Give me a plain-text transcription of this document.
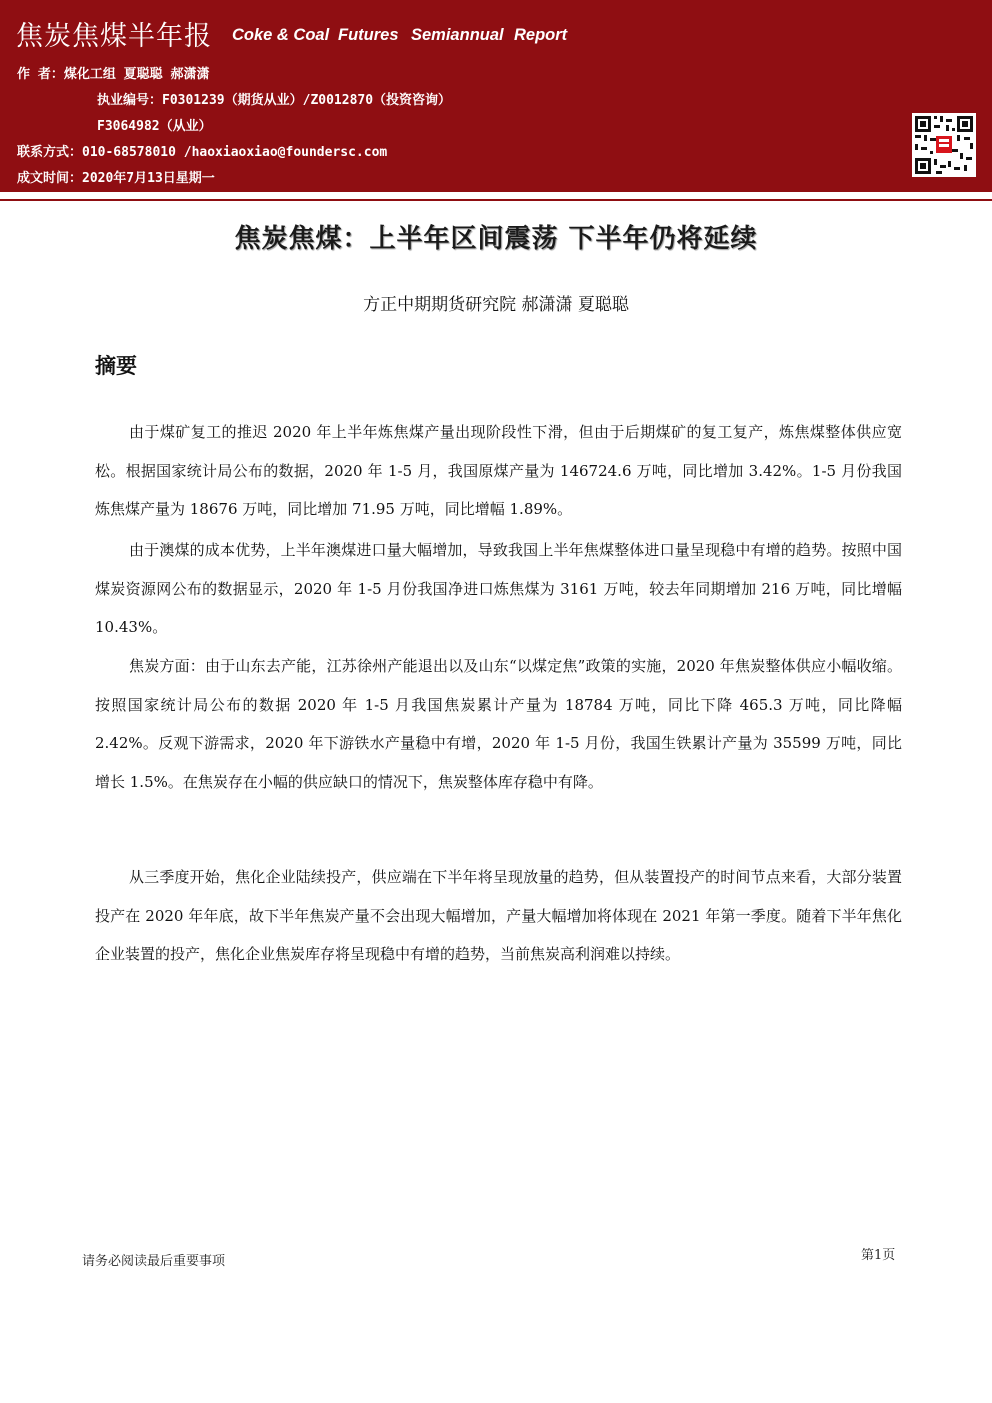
焦炭焦煤半年报 Coke & Coal Futures Semiannual Report
作 者：煤化工组 夏聪聪 郝潇潇
执业编号：F0301239（期货从业）/Z0012870（投资咨询）
F3064982（从业）
联系方式：010-68578010 /haoxiaoxiao@foundersc.com
成文时间：2020年7月13日星期一
焦炭焦煤：上半年区间震荡 下半年仍将延续
方正中期期货研究院 郝潇潇 夏聪聪
摘要

由于煤矿复工的推迟 2020 年上半年炼焦煤产量出现阶段性下滑，但由于后期煤矿的复工复产，炼焦煤整体供应宽松。根据国家统计局公布的数据，2020 年 1-5 月，我国原煤产量为 146724.6 万吨，同比增加 3.42%。1-5 月份我国炼焦煤产量为 18676 万吨，同比增加 71.95 万吨，同比增幅 1.89%。

由于澳煤的成本优势，上半年澳煤进口量大幅增加，导致我国上半年焦煤整体进口量呈现稳中有增的趋势。按照中国煤炭资源网公布的数据显示，2020 年 1-5 月份我国净进口炼焦煤为 3161 万吨，较去年同期增加 216 万吨，同比增幅 10.43%。

焦炭方面：由于山东去产能，江苏徐州产能退出以及山东“以煤定焦”政策的实施，2020 年焦炭整体供应小幅收缩。按照国家统计局公布的数据 2020 年 1-5 月我国焦炭累计产量为 18784 万吨，同比下降 465.3 万吨，同比降幅 2.42%。反观下游需求，2020 年下游铁水产量稳中有增，2020 年 1-5 月份，我国生铁累计产量为 35599 万吨，同比增长 1.5%。在焦炭存在小幅的供应缺口的情况下，焦炭整体库存稳中有降。

从三季度开始，焦化企业陆续投产，供应端在下半年将呈现放量的趋势，但从装置投产的时间节点来看，大部分装置投产在 2020 年年底，故下半年焦炭产量不会出现大幅增加，产量大幅增加将体现在 2021 年第一季度。随着下半年焦化企业装置的投产，焦化企业焦炭库存将呈现稳中有增的趋势，当前焦炭高利润难以持续。

请务必阅读最后重要事项	第1页
